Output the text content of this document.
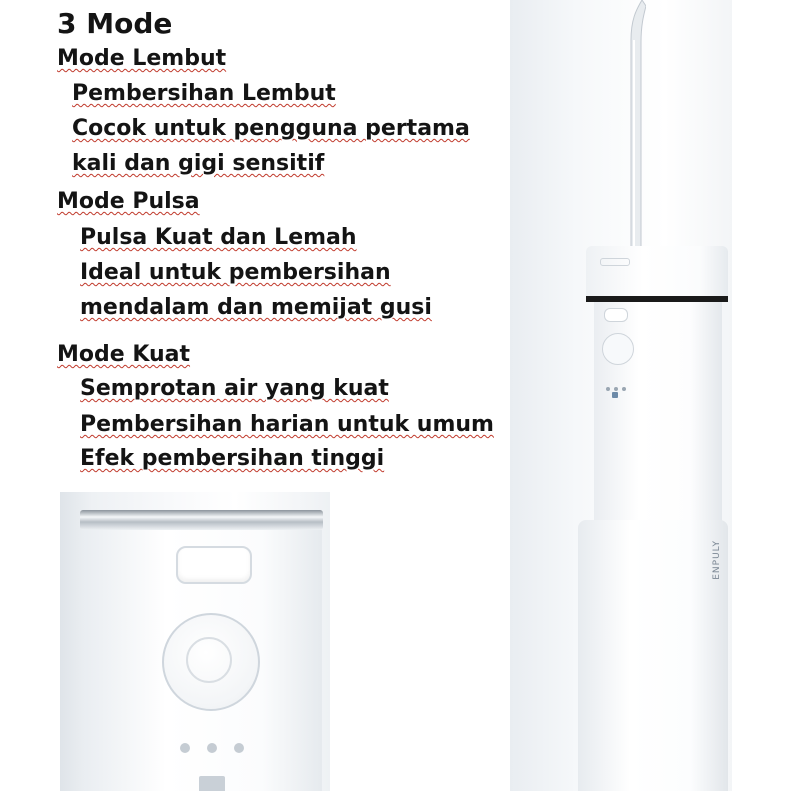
3 Mode
Mode Lembut
Pembersihan Lembut
Cocok untuk pengguna pertama
kali dan gigi sensitif
Mode Pulsa
Pulsa Kuat dan Lemah
Ideal untuk pembersihan
mendalam dan memijat gusi
Mode Kuat
Semprotan air yang kuat
Pembersihan harian untuk umum
Efek pembersihan tinggi
ENPULY
